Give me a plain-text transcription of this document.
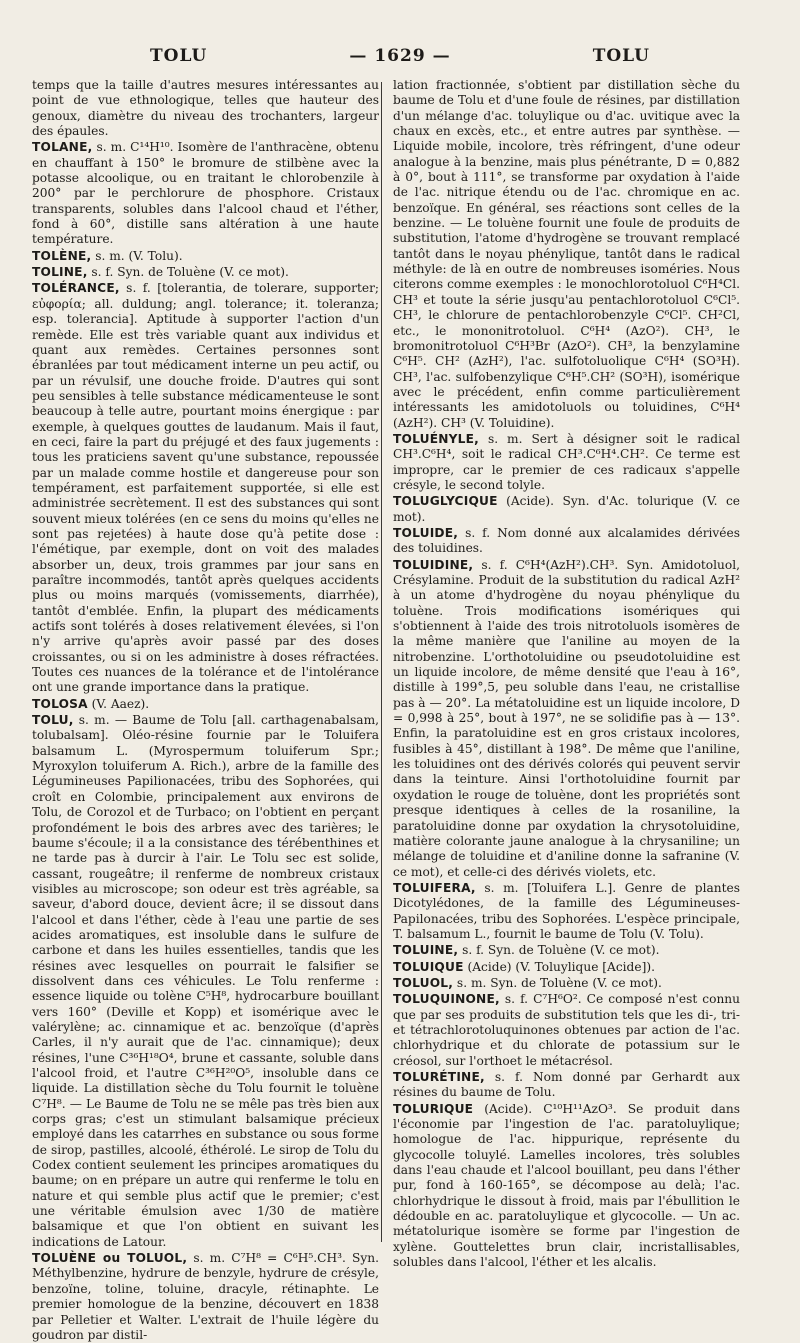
TOLU	— 1629 —	TOLU

temps que la taille d'autres mesures intéressantes au point de vue ethnologique, telles que hauteur des genoux, diamètre du niveau des trochanters, largeur des épaules.

TOLANE, s. m. C¹⁴H¹⁰. Isomère de l'anthracène, obtenu en chauffant à 150° le bromure de stilbène avec la potasse alcoolique, ou en traitant le chlorobenzile à 200° par le perchlorure de phosphore. Cristaux transparents, solubles dans l'alcool chaud et l'éther, fond à 60°, distille sans altération à une haute température.

TOLÈNE, s. m. (V. Tolu).

TOLINE, s. f. Syn. de Toluène (V. ce mot).

TOLÉRANCE, s. f. [tolerantia, de tolerare, supporter; εὐφορία; all. duldung; angl. tolerance; it. toleranza; esp. tolerancia]. Aptitude à supporter l'action d'un remède. Elle est très variable quant aux individus et quant aux remèdes. Certaines personnes sont ébranlées par tout médicament interne un peu actif, ou par un révulsif, une douche froide. D'autres qui sont peu sensibles à telle substance médicamenteuse le sont beaucoup à telle autre, pourtant moins énergique : par exemple, à quelques gouttes de laudanum. Mais il faut, en ceci, faire la part du préjugé et des faux jugements : tous les praticiens savent qu'une substance, repoussée par un malade comme hostile et dangereuse pour son tempérament, est parfaitement supportée, si elle est administrée secrètement. Il est des substances qui sont souvent mieux tolérées (en ce sens du moins qu'elles ne sont pas rejetées) à haute dose qu'à petite dose : l'émétique, par exemple, dont on voit des malades absorber un, deux, trois grammes par jour sans en paraître incommodés, tantôt après quelques accidents plus ou moins marqués (vomissements, diarrhée), tantôt d'emblée. Enfin, la plupart des médicaments actifs sont tolérés à doses relativement élevées, si l'on n'y arrive qu'après avoir passé par des doses croissantes, ou si on les administre à doses réfractées. Toutes ces nuances de la tolérance et de l'intolérance ont une grande importance dans la pratique.

TOLOSA (V. Aaez).

TOLU, s. m. — Baume de Tolu [all. carthagenabalsam, tolubalsam]. Oléo-résine fournie par le Toluifera balsamum L. (Myrospermum toluiferum Spr.; Myroxylon toluiferum A. Rich.), arbre de la famille des Légumineuses Papilionacées, tribu des Sophorées, qui croît en Colombie, principalement aux environs de Tolu, de Corozol et de Turbaco; on l'obtient en perçant profondément le bois des arbres avec des tarières; le baume s'écoule; il a la consistance des térébenthines et ne tarde pas à durcir à l'air. Le Tolu sec est solide, cassant, rougeâtre; il renferme de nombreux cristaux visibles au microscope; son odeur est très agréable, sa saveur, d'abord douce, devient âcre; il se dissout dans l'alcool et dans l'éther, cède à l'eau une partie de ses acides aromatiques, est insoluble dans le sulfure de carbone et dans les huiles essentielles, tandis que les résines avec lesquelles on pourrait le falsifier se dissolvent dans ces véhicules. Le Tolu renferme : essence liquide ou tolène C⁵H⁸, hydrocarbure bouillant vers 160° (Deville et Kopp) et isomérique avec le valérylène; ac. cinnamique et ac. benzoïque (d'après Carles, il n'y aurait que de l'ac. cinnamique); deux résines, l'une C³⁶H¹⁸O⁴, brune et cassante, soluble dans l'alcool froid, et l'autre C³⁶H²⁰O⁵, insoluble dans ce liquide. La distillation sèche du Tolu fournit le toluène C⁷H⁸. — Le Baume de Tolu ne se mêle pas très bien aux corps gras; c'est un stimulant balsamique précieux employé dans les catarrhes en substance ou sous forme de sirop, pastilles, alcoolé, éthérolé. Le sirop de Tolu du Codex contient seulement les principes aromatiques du baume; on en prépare un autre qui renferme le tolu en nature et qui semble plus actif que le premier; c'est une véritable émulsion avec 1/30 de matière balsamique et que l'on obtient en suivant les indications de Latour.

TOLUÈNE ou TOLUOL, s. m. C⁷H⁸ = C⁶H⁵.CH³. Syn. Méthylbenzine, hydrure de benzyle, hydrure de crésyle, benzoïne, toline, toluine, dracyle, rétinaphte. Le premier homologue de la benzine, découvert en 1838 par Pelletier et Walter. L'extrait de l'huile légère du goudron par distil-

lation fractionnée, s'obtient par distillation sèche du baume de Tolu et d'une foule de résines, par distillation d'un mélange d'ac. toluylique ou d'ac. uvitique avec la chaux en excès, etc., et entre autres par synthèse. — Liquide mobile, incolore, très réfringent, d'une odeur analogue à la benzine, mais plus pénétrante, D = 0,882 à 0°, bout à 111°, se transforme par oxydation à l'aide de l'ac. nitrique étendu ou de l'ac. chromique en ac. benzoïque. En général, ses réactions sont celles de la benzine. — Le toluène fournit une foule de produits de substitution, l'atome d'hydrogène se trouvant remplacé tantôt dans le noyau phénylique, tantôt dans le radical méthyle: de là en outre de nombreuses isoméries. Nous citerons comme exemples : le monochlorotoluol C⁶H⁴Cl. CH³ et toute la série jusqu'au pentachlorotoluol C⁶Cl⁵. CH³, le chlorure de pentachlorobenzyle C⁶Cl⁵. CH²Cl, etc., le mononitrotoluol. C⁶H⁴ (AzO²). CH³, le bromonitrotoluol C⁶H³Br (AzO²). CH³, la benzylamine C⁶H⁵. CH² (AzH²), l'ac. sulfotoluolique C⁶H⁴ (SO³H). CH³, l'ac. sulfobenzylique C⁶H⁵.CH² (SO³H), isomérique avec le précédent, enfin comme particulièrement intéressants les amidotoluols ou toluidines, C⁶H⁴ (AzH²). CH³ (V. Toluidine).

TOLUÉNYLE, s. m. Sert à désigner soit le radical CH³.C⁶H⁴, soit le radical CH³.C⁶H⁴.CH². Ce terme est impropre, car le premier de ces radicaux s'appelle crésyle, le second tolyle.

TOLUGLYCIQUE (Acide). Syn. d'Ac. tolurique (V. ce mot).

TOLUIDE, s. f. Nom donné aux alcalamides dérivées des toluidines.

TOLUIDINE, s. f. C⁶H⁴(AzH²).CH³. Syn. Amidotoluol, Crésylamine. Produit de la substitution du radical AzH² à un atome d'hydrogène du noyau phénylique du toluène. Trois modifications isomériques qui s'obtiennent à l'aide des trois nitrotoluols isomères de la même manière que l'aniline au moyen de la nitrobenzine. L'orthotoluidine ou pseudotoluidine est un liquide incolore, de même densité que l'eau à 16°, distille à 199°,5, peu soluble dans l'eau, ne cristallise pas à — 20°. La métatoluidine est un liquide incolore, D = 0,998 à 25°, bout à 197°, ne se solidifie pas à — 13°. Enfin, la paratoluidine est en gros cristaux incolores, fusibles à 45°, distillant à 198°. De même que l'aniline, les toluidines ont des dérivés colorés qui peuvent servir dans la teinture. Ainsi l'orthotoluidine fournit par oxydation le rouge de toluène, dont les propriétés sont presque identiques à celles de la rosaniline, la paratoluidine donne par oxydation la chrysotoluidine, matière colorante jaune analogue à la chrysaniline; un mélange de toluidine et d'aniline donne la safranine (V. ce mot), et celle-ci des dérivés violets, etc.

TOLUIFERA, s. m. [Toluifera L.]. Genre de plantes Dicotylédones, de la famille des Légumineuses-Papilonacées, tribu des Sophorées. L'espèce principale, T. balsamum L., fournit le baume de Tolu (V. Tolu).

TOLUINE, s. f. Syn. de Toluène (V. ce mot).

TOLUIQUE (Acide) (V. Toluylique [Acide]).

TOLUOL, s. m. Syn. de Toluène (V. ce mot).

TOLUQUINONE, s. f. C⁷H⁶O². Ce composé n'est connu que par ses produits de substitution tels que les di-, tri- et tétrachlorotoluquinones obtenues par action de l'ac. chlorhydrique et du chlorate de potassium sur le créosol, sur l'orthoet le métacrésol.

TOLURÉTINE, s. f. Nom donné par Gerhardt aux résines du baume de Tolu.

TOLURIQUE (Acide). C¹⁰H¹¹AzO³. Se produit dans l'économie par l'ingestion de l'ac. paratoluylique; homologue de l'ac. hippurique, représente du glycocolle toluylé. Lamelles incolores, très solubles dans l'eau chaude et l'alcool bouillant, peu dans l'éther pur, fond à 160-165°, se décompose au delà; l'ac. chlorhydrique le dissout à froid, mais par l'ébullition le dédouble en ac. paratoluylique et glycocolle. — Un ac. métatolurique isomère se forme par l'ingestion de xylène. Gouttelettes brun clair, incristallisables, solubles dans l'alcool, l'éther et les alcalis.
